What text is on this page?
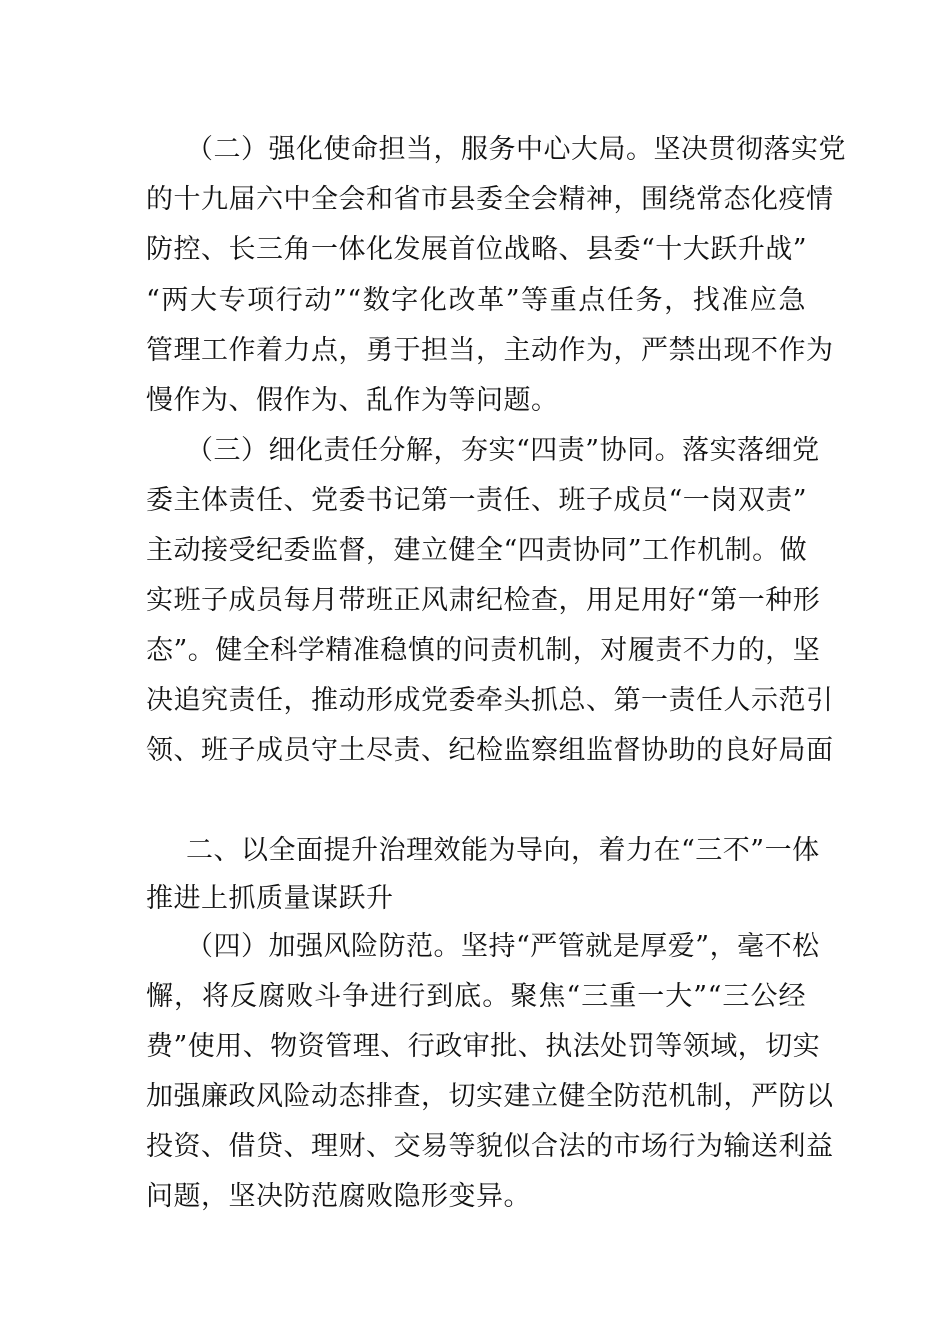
（二）强化使命担当，服务中心大局。坚决贯彻落实党
的十九届六中全会和省市县委全会精神，围绕常态化疫情
防控、长三角一体化发展首位战略、县委“十大跃升战”
“两大专项行动”“数字化改革”等重点任务，找准应急
管理工作着力点，勇于担当，主动作为，严禁出现不作为
慢作为、假作为、乱作为等问题。
（三）细化责任分解，夯实“四责”协同。落实落细党
委主体责任、党委书记第一责任、班子成员“一岗双责”
主动接受纪委监督，建立健全“四责协同”工作机制。做
实班子成员每月带班正风肃纪检查，用足用好“第一种形
态”。健全科学精准稳慎的问责机制，对履责不力的，坚
决追究责任，推动形成党委牵头抓总、第一责任人示范引
领、班子成员守土尽责、纪检监察组监督协助的良好局面
二、以全面提升治理效能为导向，着力在“三不”一体
推进上抓质量谋跃升
（四）加强风险防范。坚持“严管就是厚爱”，毫不松
懈，将反腐败斗争进行到底。聚焦“三重一大”“三公经
费”使用、物资管理、行政审批、执法处罚等领域，切实
加强廉政风险动态排查，切实建立健全防范机制，严防以
投资、借贷、理财、交易等貌似合法的市场行为输送利益
问题，坚决防范腐败隐形变异。
